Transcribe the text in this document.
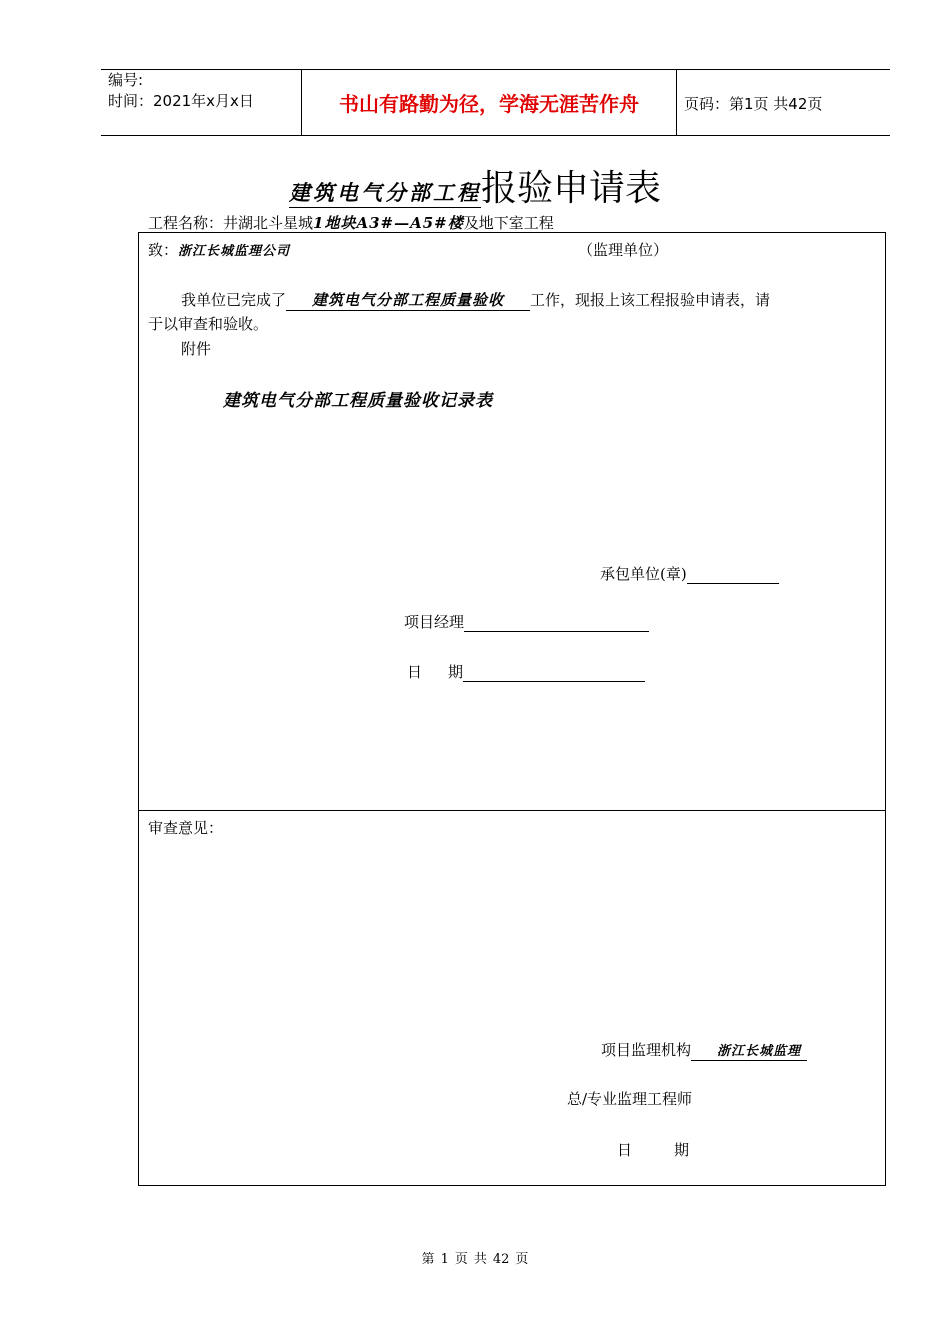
编号:
时间：2021年x月x日	书山有路勤为径，学海无涯苦作舟	页码：第1页 共42页
建筑电气分部工程报验申请表
工程名称：井湖北斗星城1地块A3#—A5#楼及地下室工程
致：浙江长城监理公司	（监理单位）
我单位已完成了 建筑电气分部工程质量验收 工作，现报上该工程报验申请表，请
于以审查和验收。
附件
建筑电气分部工程质量验收记录表
承包单位(章)
项目经理
日 期
审查意见：
项目监理机构 浙江长城监理
总/专业监理工程师
日	期
第 1 页 共 42 页
